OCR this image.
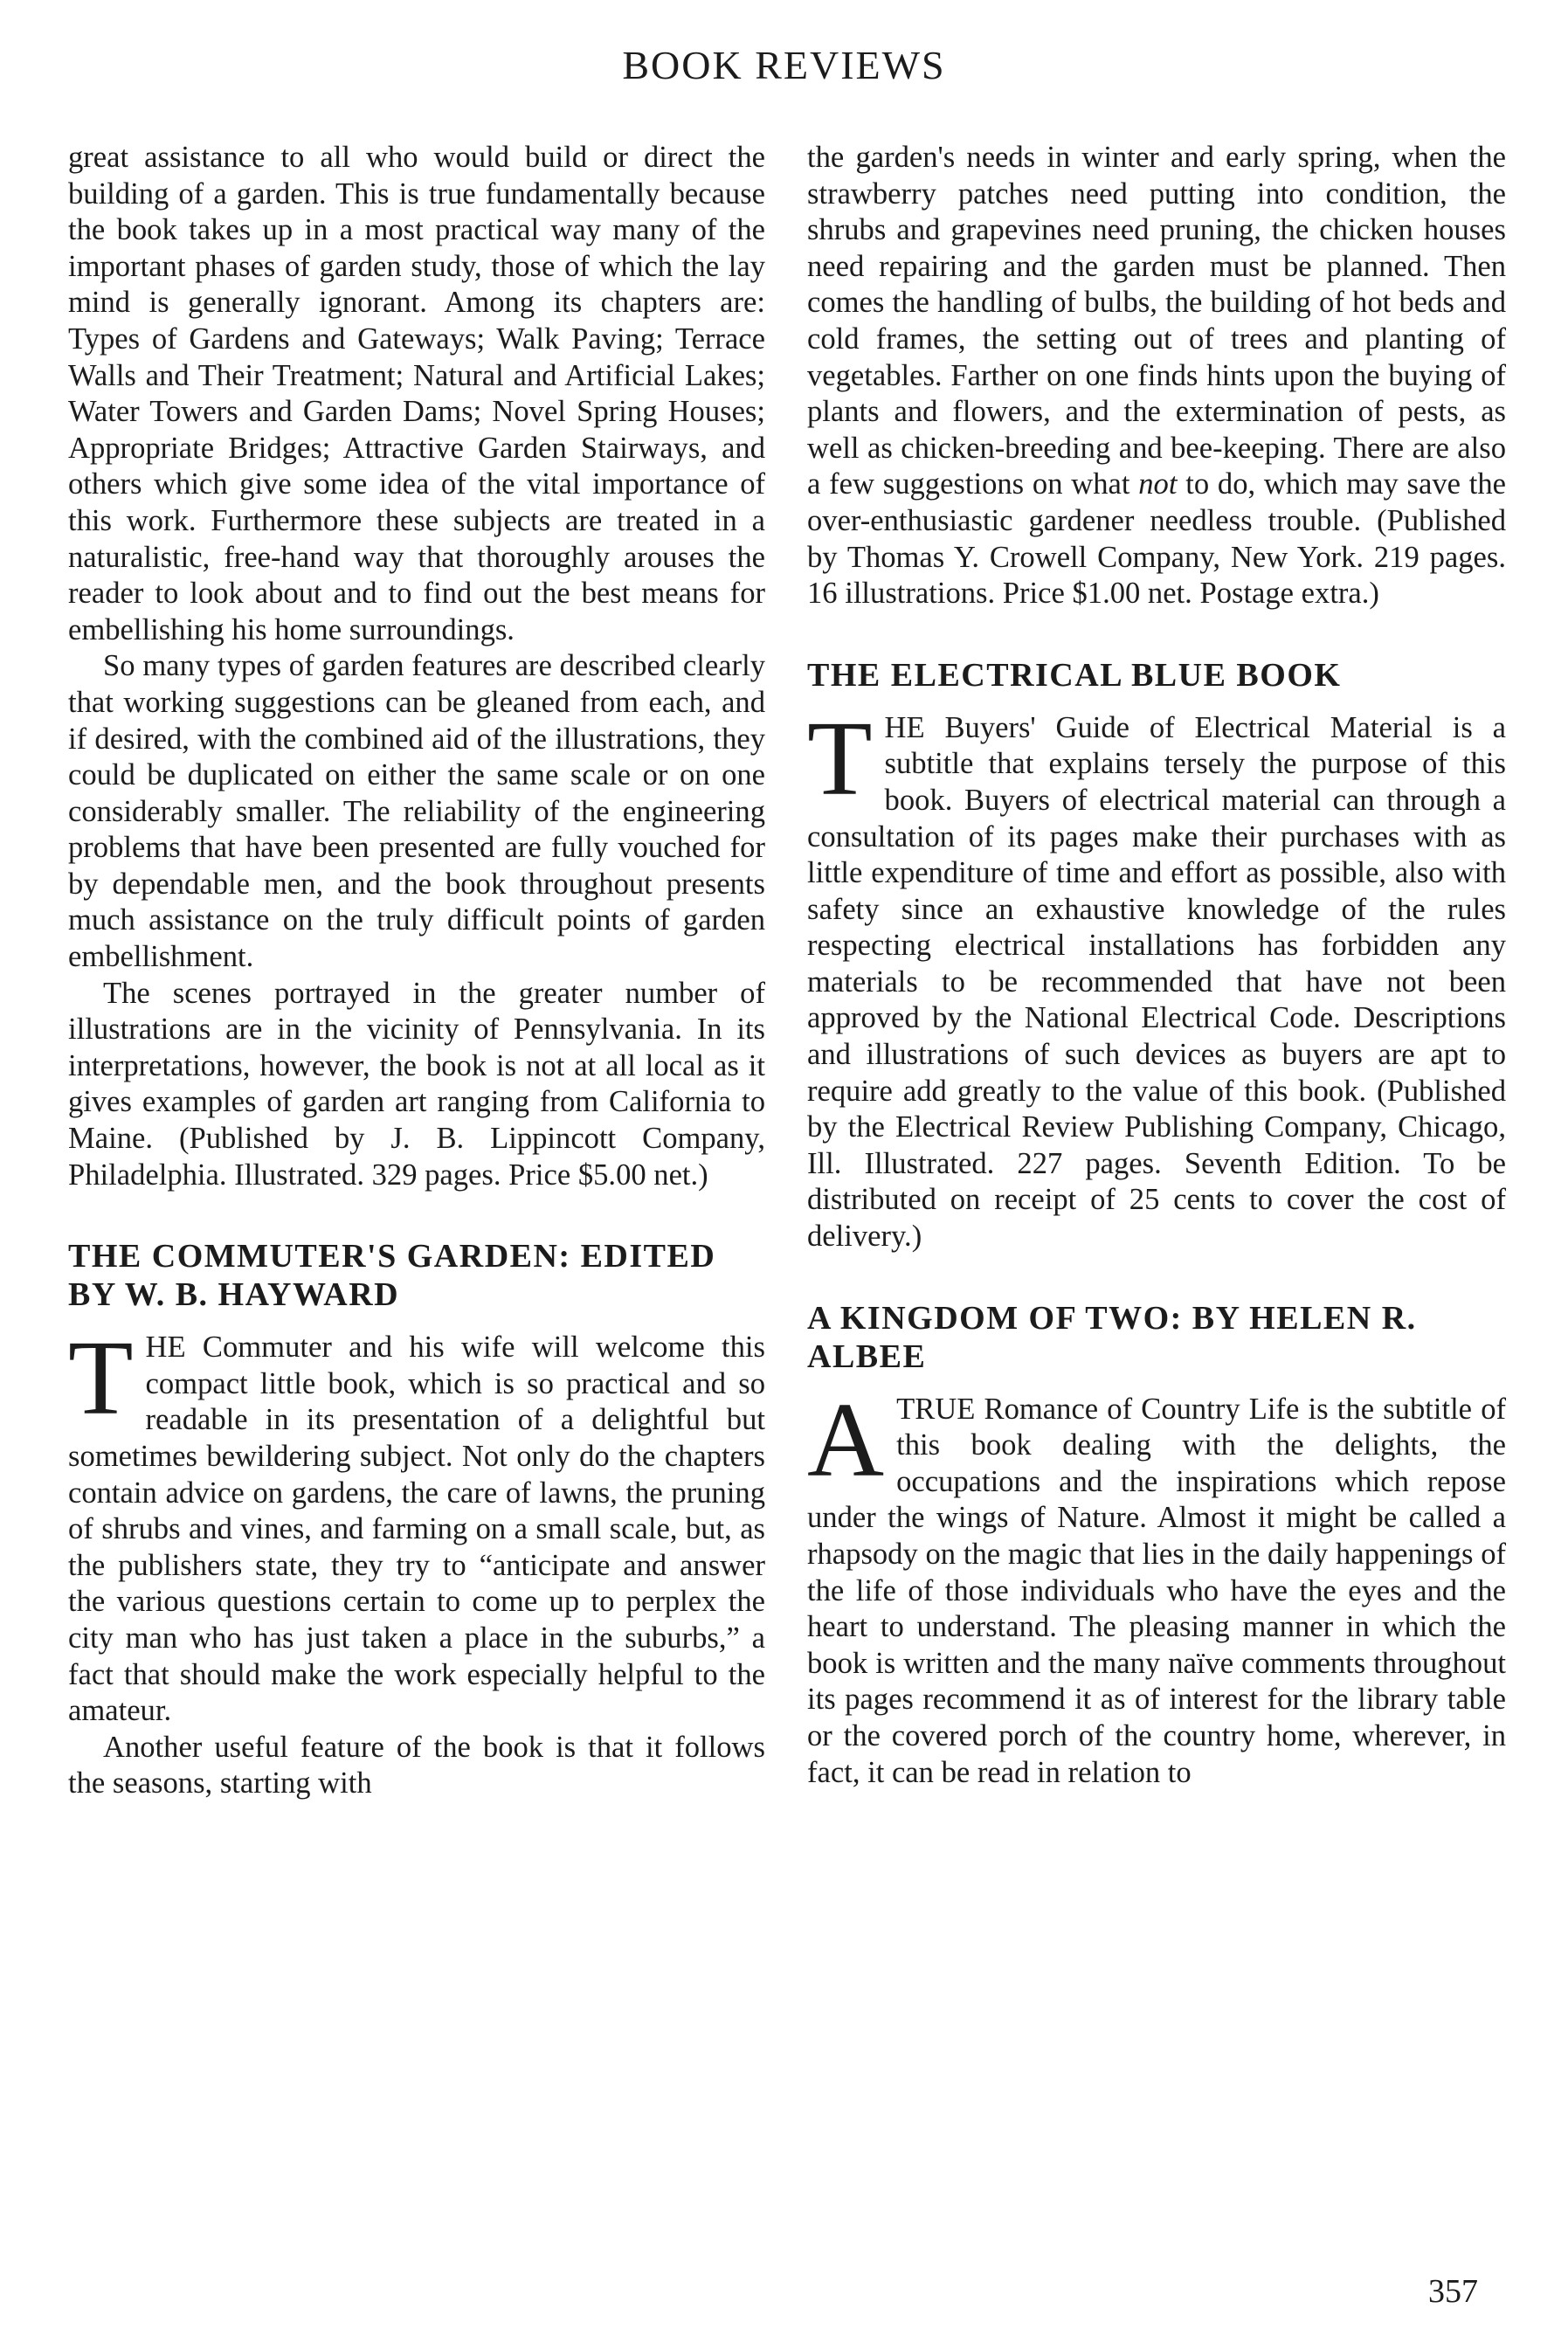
BOOK REVIEWS

great assistance to all who would build or direct the building of a garden. This is true fundamentally because the book takes up in a most practical way many of the important phases of garden study, those of which the lay mind is generally ignorant. Among its chapters are: Types of Gardens and Gateways; Walk Paving; Terrace Walls and Their Treatment; Natural and Artificial Lakes; Water Towers and Garden Dams; Novel Spring Houses; Appropriate Bridges; Attractive Garden Stairways, and others which give some idea of the vital importance of this work. Furthermore these subjects are treated in a naturalistic, free-hand way that thoroughly arouses the reader to look about and to find out the best means for embellishing his home surroundings.

So many types of garden features are described clearly that working suggestions can be gleaned from each, and if desired, with the combined aid of the illustrations, they could be duplicated on either the same scale or on one considerably smaller. The reliability of the engineering problems that have been presented are fully vouched for by dependable men, and the book throughout presents much assistance on the truly difficult points of garden embellishment.

The scenes portrayed in the greater number of illustrations are in the vicinity of Pennsylvania. In its interpretations, however, the book is not at all local as it gives examples of garden art ranging from California to Maine. (Published by J. B. Lippincott Company, Philadelphia. Illustrated. 329 pages. Price $5.00 net.)

THE COMMUTER'S GARDEN: EDITED BY W. B. HAYWARD

THE Commuter and his wife will welcome this compact little book, which is so practical and so readable in its presentation of a delightful but sometimes bewildering subject. Not only do the chapters contain advice on gardens, the care of lawns, the pruning of shrubs and vines, and farming on a small scale, but, as the publishers state, they try to “anticipate and answer the various questions certain to come up to perplex the city man who has just taken a place in the suburbs,” a fact that should make the work especially helpful to the amateur.

Another useful feature of the book is that it follows the seasons, starting with

the garden's needs in winter and early spring, when the strawberry patches need putting into condition, the shrubs and grapevines need pruning, the chicken houses need repairing and the garden must be planned. Then comes the handling of bulbs, the building of hot beds and cold frames, the setting out of trees and planting of vegetables. Farther on one finds hints upon the buying of plants and flowers, and the extermination of pests, as well as chicken-breeding and bee-keeping. There are also a few suggestions on what not to do, which may save the over-enthusiastic gardener needless trouble. (Published by Thomas Y. Crowell Company, New York. 219 pages. 16 illustrations. Price $1.00 net. Postage extra.)

THE ELECTRICAL BLUE BOOK

THE Buyers' Guide of Electrical Material is a subtitle that explains tersely the purpose of this book. Buyers of electrical material can through a consultation of its pages make their purchases with as little expenditure of time and effort as possible, also with safety since an exhaustive knowledge of the rules respecting electrical installations has forbidden any materials to be recommended that have not been approved by the National Electrical Code. Descriptions and illustrations of such devices as buyers are apt to require add greatly to the value of this book. (Published by the Electrical Review Publishing Company, Chicago, Ill. Illustrated. 227 pages. Seventh Edition. To be distributed on receipt of 25 cents to cover the cost of delivery.)

A KINGDOM OF TWO: BY HELEN R. ALBEE

ATRUE Romance of Country Life is the subtitle of this book dealing with the delights, the occupations and the inspirations which repose under the wings of Nature. Almost it might be called a rhapsody on the magic that lies in the daily happenings of the life of those individuals who have the eyes and the heart to understand. The pleasing manner in which the book is written and the many naïve comments throughout its pages recommend it as of interest for the library table or the covered porch of the country home, wherever, in fact, it can be read in relation to

357
